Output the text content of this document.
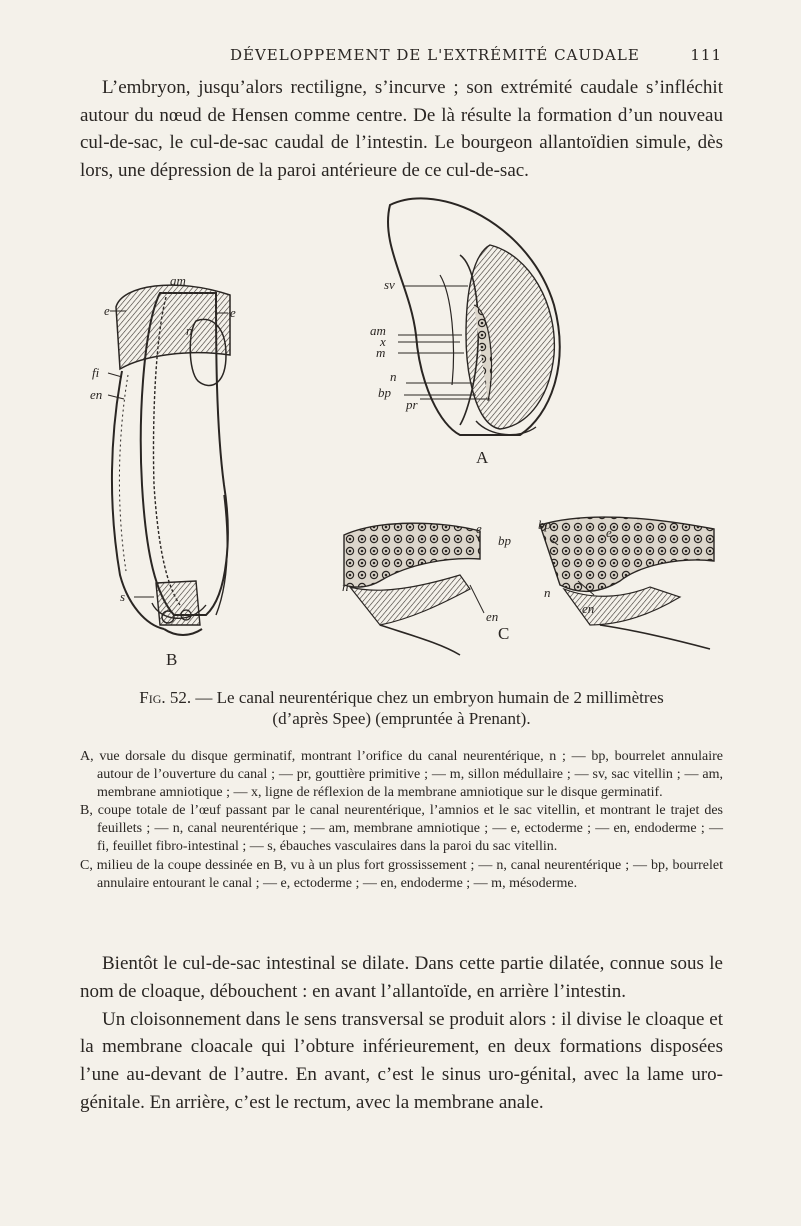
DÉVELOPPEMENT DE L'EXTRÉMITÉ CAUDALE	111

L’embryon, jusqu’alors rectiligne, s’incurve ; son extrémité caudale s’infléchit autour du nœud de Hensen comme centre. De là résulte la formation d’un nouveau cul-de-sac, le cul-de-sac caudal de l’intestin. Le bourgeon allantoïdien simule, dès lors, une dépression de la paroi antérieure de ce cul-de-sac.

am
e	e
n
fi
en
s
B
sv
am
x
m
n
bp
pr
A
e
bp
n
en
bp
e
n
en
C
Fig. 52. — Le canal neurentérique chez un embryon humain de 2 millimètres
(d’après Spee) (empruntée à Prenant).

A, vue dorsale du disque germinatif, montrant l’orifice du canal neurentérique, n ; — bp, bourrelet annulaire autour de l’ouverture du canal ; — pr, gouttière primitive ; — m, sillon médullaire ; — sv, sac vitellin ; — am, membrane amniotique ; — x, ligne de réflexion de la membrane amniotique sur le disque germinatif.

B, coupe totale de l’œuf passant par le canal neurentérique, l’amnios et le sac vitellin, et montrant le trajet des feuillets ; — n, canal neurentérique ; — am, membrane amniotique ; — e, ectoderme ; — en, endoderme ; — fi, feuillet fibro-intestinal ; — s, ébauches vasculaires dans la paroi du sac vitellin.

C, milieu de la coupe dessinée en B, vu à un plus fort grossissement ; — n, canal neurentérique ; — bp, bourrelet annulaire entourant le canal ; — e, ectoderme ; — en, endoderme ; — m, mésoderme.

Bientôt le cul-de-sac intestinal se dilate. Dans cette partie dilatée, connue sous le nom de cloaque, débouchent : en avant l’allantoïde, en arrière l’intestin.

Un cloisonnement dans le sens transversal se produit alors : il divise le cloaque et la membrane cloacale qui l’obture inférieurement, en deux formations disposées l’une au-devant de l’autre. En avant, c’est le sinus uro-génital, avec la lame uro-génitale. En arrière, c’est le rectum, avec la membrane anale.
